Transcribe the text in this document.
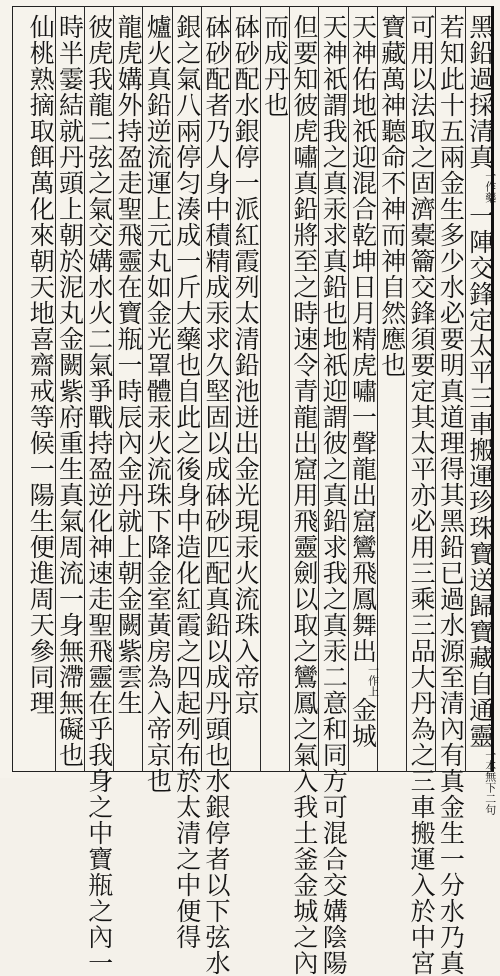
黑鉛過採清真一作藥一陣交鋒定太平三車搬運珍珠寶送歸寶藏自通靈一本無下二句
若知此十五兩金生多少水必要明真道理得其黑鉛已過水源至清內有真金生一分水乃真
可用以法取之固濟橐籥交鋒須要定其太平亦必用三乘三品大丹為之三車搬運入於中宮
寶藏萬神聽命不神而神自然應也
天神佑地祇迎混合乾坤日月精虎嘯一聲龍出窟鸞飛鳳舞出一作上金城
天神祇謂我之真汞求真鉛也地祇迎謂彼之真鉛求我之真汞二意和同方可混合交媾陰陽
但要知彼虎嘯真鉛將至之時速令青龍出窟用飛靈劍以取之鸞鳳之氣入我土釜金城之內
而成丹也
砵砂配水銀停一派紅霞列太清鉛池迸出金光現汞火流珠入帝京
砵砂配者乃人身中積精成汞求久堅固以成砵砂匹配真鉛以成丹頭也水銀停者以下弦水
銀之氣八兩停匀湊成一斤大藥也自此之後身中造化紅霞之四起列布於太清之中便得
爐火真鉛逆流運上元丸如金光罩體汞火流珠下降金室黃房為入帝京也
龍虎媾外持盈走聖飛靈在寶瓶一時辰內金丹就上朝金闕紫雲生
彼虎我龍二弦之氣交媾水火二氣爭戰持盈逆化神速走聖飛靈在乎我身之中寶瓶之內一
時半霎結就丹頭上朝於泥丸金闕紫府重生真氣周流一身無滯無礙也
仙桃熟摘取餌萬化來朝天地喜齋戒等候一陽生便進周天參同理
